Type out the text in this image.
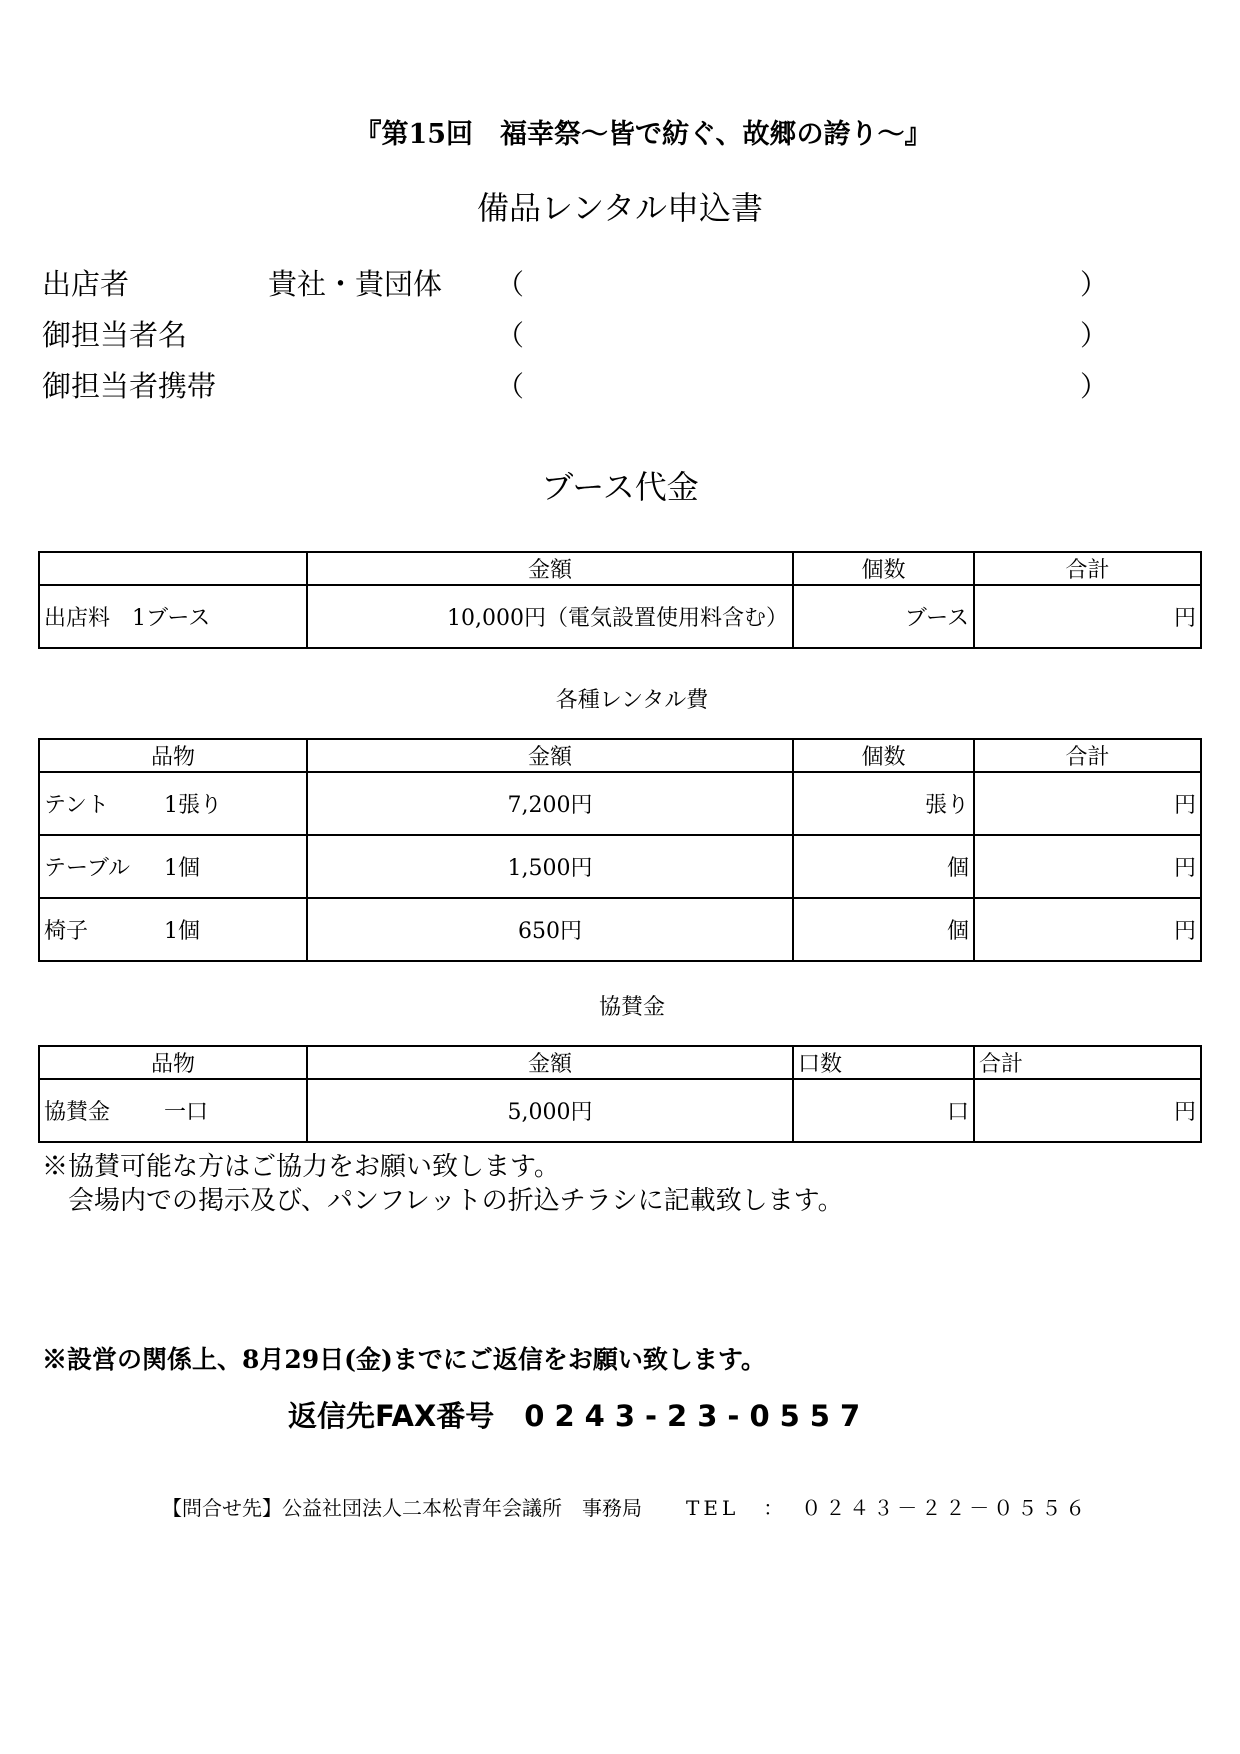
『第15回　福幸祭～皆で紡ぐ、故郷の誇り～』
備品レンタル申込書
出店者	貴社・貴団体 （	）
御担当者名	（	）
御担当者携帯	（	）
ブース代金
	金額	個数	合計
出店料　1ブース	10,000円（電気設置使用料含む）	ブース	円
各種レンタル費
品物	金額	個数	合計
テント 1張り	7,200円	張り	円
テーブル 1個	1,500円	個	円
椅子 1個	650円	個	円
協賛金
品物	金額	口数	合計
協賛金 一口	5,000円	口	円
※協賛可能な方はご協力をお願い致します。
　会場内での掲示及び、パンフレットの折込チラシに記載致します。
※設営の関係上、8月29日(金)までにご返信をお願い致します。
返信先FAX番号 0243-23-0557
【問合せ先】公益社団法人二本松青年会議所　事務局 TEL　：　０２４３－２２－０５５６
